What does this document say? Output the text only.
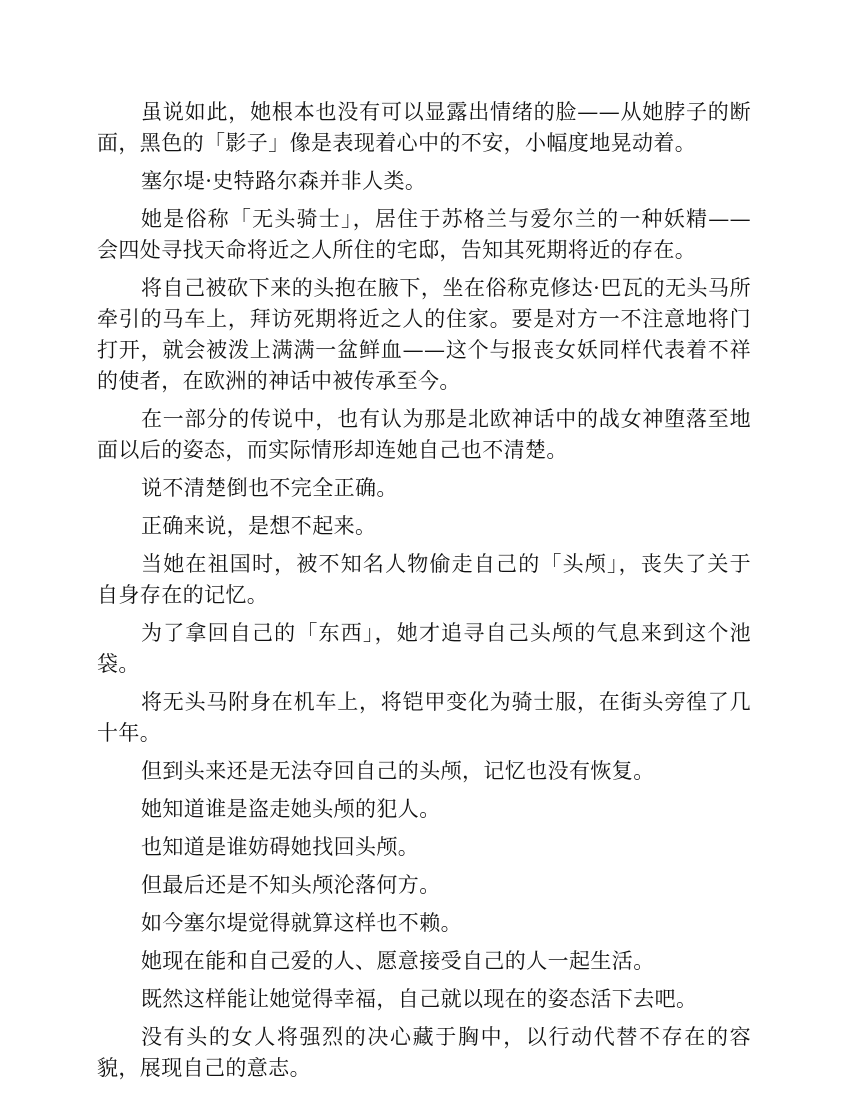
虽说如此，她根本也没有可以显露出情绪的脸——从她脖子的断面，黑色的「影子」像是表现着心中的不安，小幅度地晃动着。

塞尔堤·史特路尔森并非人类。

她是俗称「无头骑士」，居住于苏格兰与爱尔兰的一种妖精——会四处寻找天命将近之人所住的宅邸，告知其死期将近的存在。

将自己被砍下来的头抱在腋下，坐在俗称克修达·巴瓦的无头马所牵引的马车上，拜访死期将近之人的住家。要是对方一不注意地将门打开，就会被泼上满满一盆鲜血——这个与报丧女妖同样代表着不祥的使者，在欧洲的神话中被传承至今。

在一部分的传说中，也有认为那是北欧神话中的战女神堕落至地面以后的姿态，而实际情形却连她自己也不清楚。

说不清楚倒也不完全正确。

正确来说，是想不起来。

当她在祖国时，被不知名人物偷走自己的「头颅」，丧失了关于自身存在的记忆。

为了拿回自己的「东西」，她才追寻自己头颅的气息来到这个池袋。

将无头马附身在机车上，将铠甲变化为骑士服，在街头旁徨了几十年。

但到头来还是无法夺回自己的头颅，记忆也没有恢复。

她知道谁是盗走她头颅的犯人。

也知道是谁妨碍她找回头颅。

但最后还是不知头颅沦落何方。

如今塞尔堤觉得就算这样也不赖。

她现在能和自己爱的人、愿意接受自己的人一起生活。

既然这样能让她觉得幸福，自己就以现在的姿态活下去吧。

没有头的女人将强烈的决心藏于胸中，以行动代替不存在的容貌，展现自己的意志。
